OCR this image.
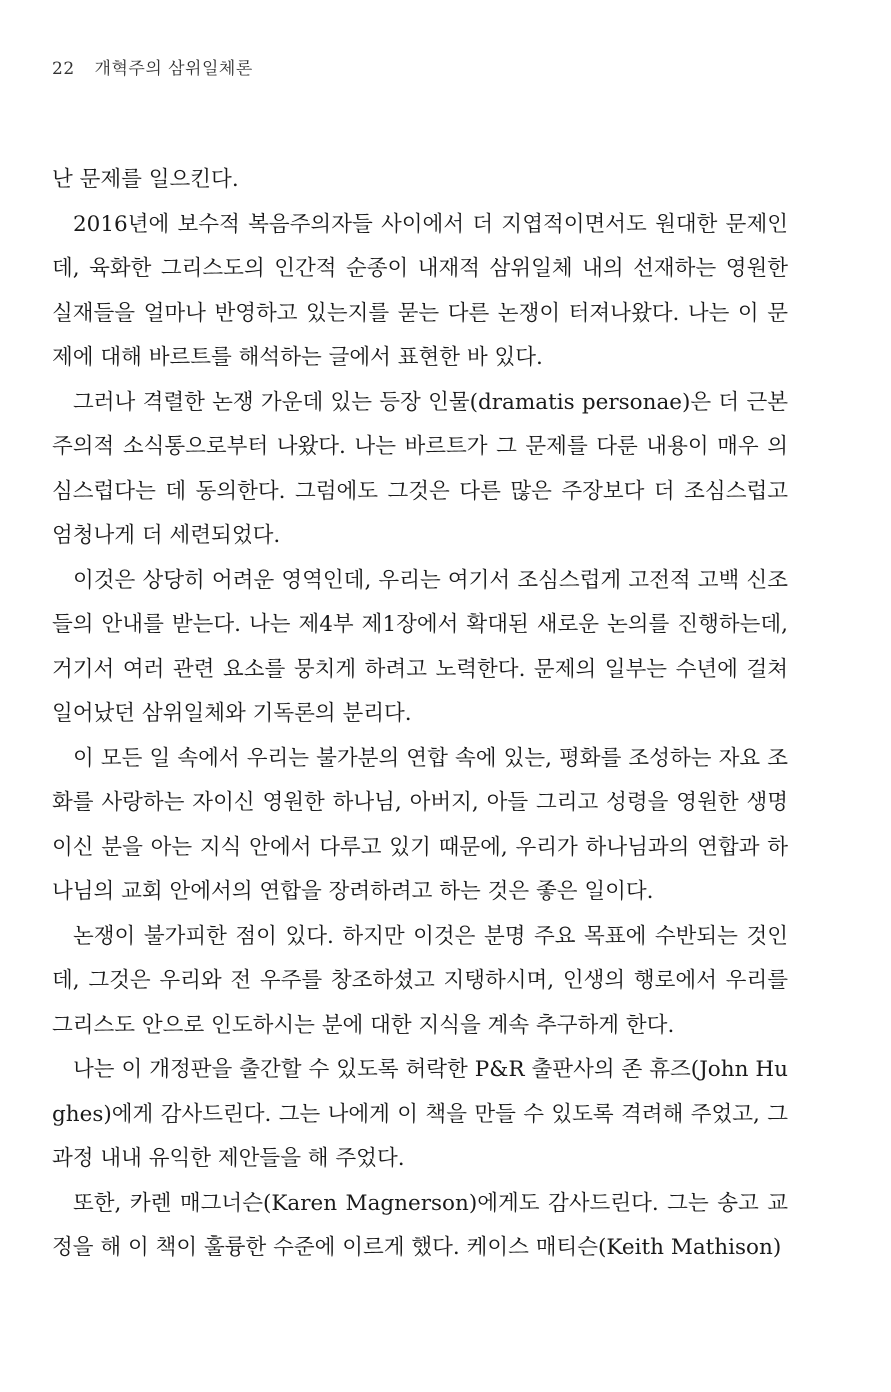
22 개혁주의 삼위일체론

난 문제를 일으킨다.

2016년에 보수적 복음주의자들 사이에서 더 지엽적이면서도 원대한 문제인데, 육화한 그리스도의 인간적 순종이 내재적 삼위일체 내의 선재하는 영원한 실재들을 얼마나 반영하고 있는지를 묻는 다른 논쟁이 터져나왔다. 나는 이 문제에 대해 바르트를 해석하는 글에서 표현한 바 있다.

그러나 격렬한 논쟁 가운데 있는 등장 인물(dramatis personae)은 더 근본주의적 소식통으로부터 나왔다. 나는 바르트가 그 문제를 다룬 내용이 매우 의심스럽다는 데 동의한다. 그럼에도 그것은 다른 많은 주장보다 더 조심스럽고 엄청나게 더 세련되었다.

이것은 상당히 어려운 영역인데, 우리는 여기서 조심스럽게 고전적 고백 신조들의 안내를 받는다. 나는 제4부 제1장에서 확대된 새로운 논의를 진행하는데, 거기서 여러 관련 요소를 뭉치게 하려고 노력한다. 문제의 일부는 수년에 걸쳐 일어났던 삼위일체와 기독론의 분리다.

이 모든 일 속에서 우리는 불가분의 연합 속에 있는, 평화를 조성하는 자요 조화를 사랑하는 자이신 영원한 하나님, 아버지, 아들 그리고 성령을 영원한 생명이신 분을 아는 지식 안에서 다루고 있기 때문에, 우리가 하나님과의 연합과 하나님의 교회 안에서의 연합을 장려하려고 하는 것은 좋은 일이다.

논쟁이 불가피한 점이 있다. 하지만 이것은 분명 주요 목표에 수반되는 것인데, 그것은 우리와 전 우주를 창조하셨고 지탱하시며, 인생의 행로에서 우리를 그리스도 안으로 인도하시는 분에 대한 지식을 계속 추구하게 한다.

나는 이 개정판을 출간할 수 있도록 허락한 P&R 출판사의 존 휴즈(John Hughes)에게 감사드린다. 그는 나에게 이 책을 만들 수 있도록 격려해 주었고, 그 과정 내내 유익한 제안들을 해 주었다.

또한, 카렌 매그너슨(Karen Magnerson)에게도 감사드린다. 그는 송고 교정을 해 이 책이 훌륭한 수준에 이르게 했다. 케이스 매티슨(Keith Mathison)
